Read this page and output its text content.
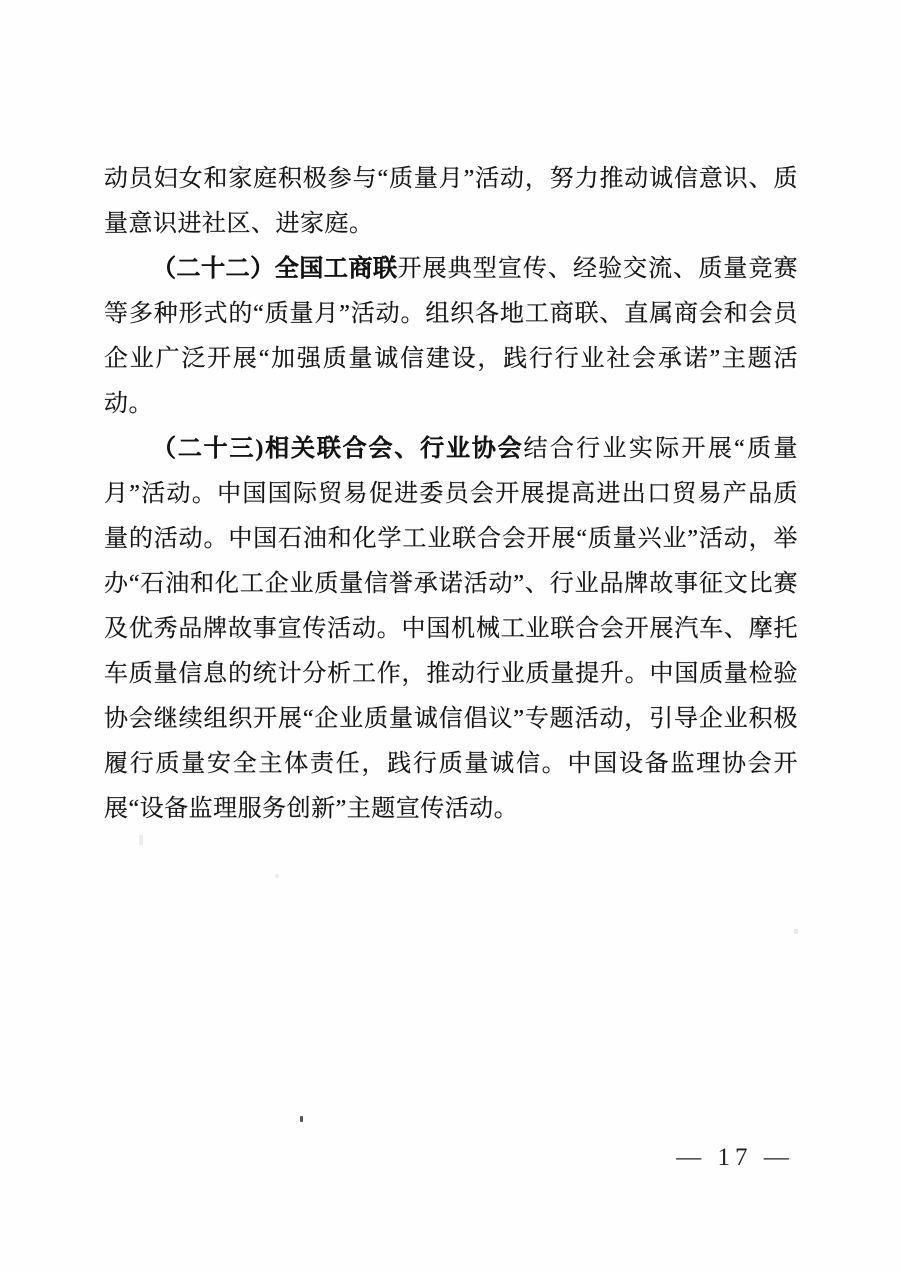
动员妇女和家庭积极参与“质量月”活动，努力推动诚信意识、质量意识进社区、进家庭。

（二十二）全国工商联开展典型宣传、经验交流、质量竞赛等多种形式的“质量月”活动。组织各地工商联、直属商会和会员企业广泛开展“加强质量诚信建设，践行行业社会承诺”主题活动。

（二十三)相关联合会、行业协会结合行业实际开展“质量月”活动。中国国际贸易促进委员会开展提高进出口贸易产品质量的活动。中国石油和化学工业联合会开展“质量兴业”活动，举办“石油和化工企业质量信誉承诺活动”、行业品牌故事征文比赛及优秀品牌故事宣传活动。中国机械工业联合会开展汽车、摩托车质量信息的统计分析工作，推动行业质量提升。中国质量检验协会继续组织开展“企业质量诚信倡议”专题活动，引导企业积极履行质量安全主体责任，践行质量诚信。中国设备监理协会开展“设备监理服务创新”主题宣传活动。

— 17 —
